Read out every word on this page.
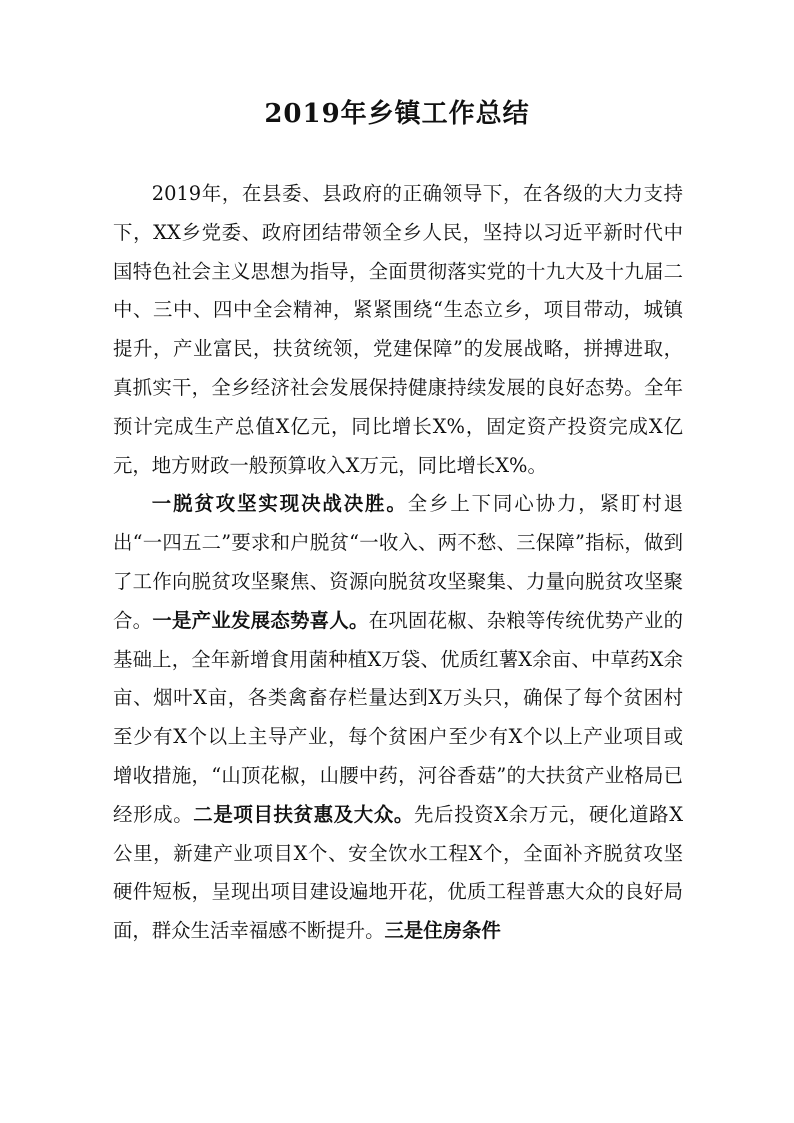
2019年乡镇工作总结

2019年，在县委、县政府的正确领导下，在各级的大力支持下，XX乡党委、政府团结带领全乡人民，坚持以习近平新时代中国特色社会主义思想为指导，全面贯彻落实党的十九大及十九届二中、三中、四中全会精神，紧紧围绕“生态立乡，项目带动，城镇提升，产业富民，扶贫统领，党建保障”的发展战略，拼搏进取，真抓实干，全乡经济社会发展保持健康持续发展的良好态势。全年预计完成生产总值X亿元，同比增长X%，固定资产投资完成X亿元，地方财政一般预算收入X万元，同比增长X%。

一脱贫攻坚实现决战决胜。全乡上下同心协力，紧盯村退出“一四五二”要求和户脱贫“一收入、两不愁、三保障”指标，做到了工作向脱贫攻坚聚焦、资源向脱贫攻坚聚集、力量向脱贫攻坚聚合。一是产业发展态势喜人。在巩固花椒、杂粮等传统优势产业的基础上，全年新增食用菌种植X万袋、优质红薯X余亩、中草药X余亩、烟叶X亩，各类禽畜存栏量达到X万头只，确保了每个贫困村至少有X个以上主导产业，每个贫困户至少有X个以上产业项目或增收措施，“山顶花椒，山腰中药，河谷香菇”的大扶贫产业格局已经形成。二是项目扶贫惠及大众。先后投资X余万元，硬化道路X公里，新建产业项目X个、安全饮水工程X个，全面补齐脱贫攻坚硬件短板，呈现出项目建设遍地开花，优质工程普惠大众的良好局面，群众生活幸福感不断提升。三是住房条件
